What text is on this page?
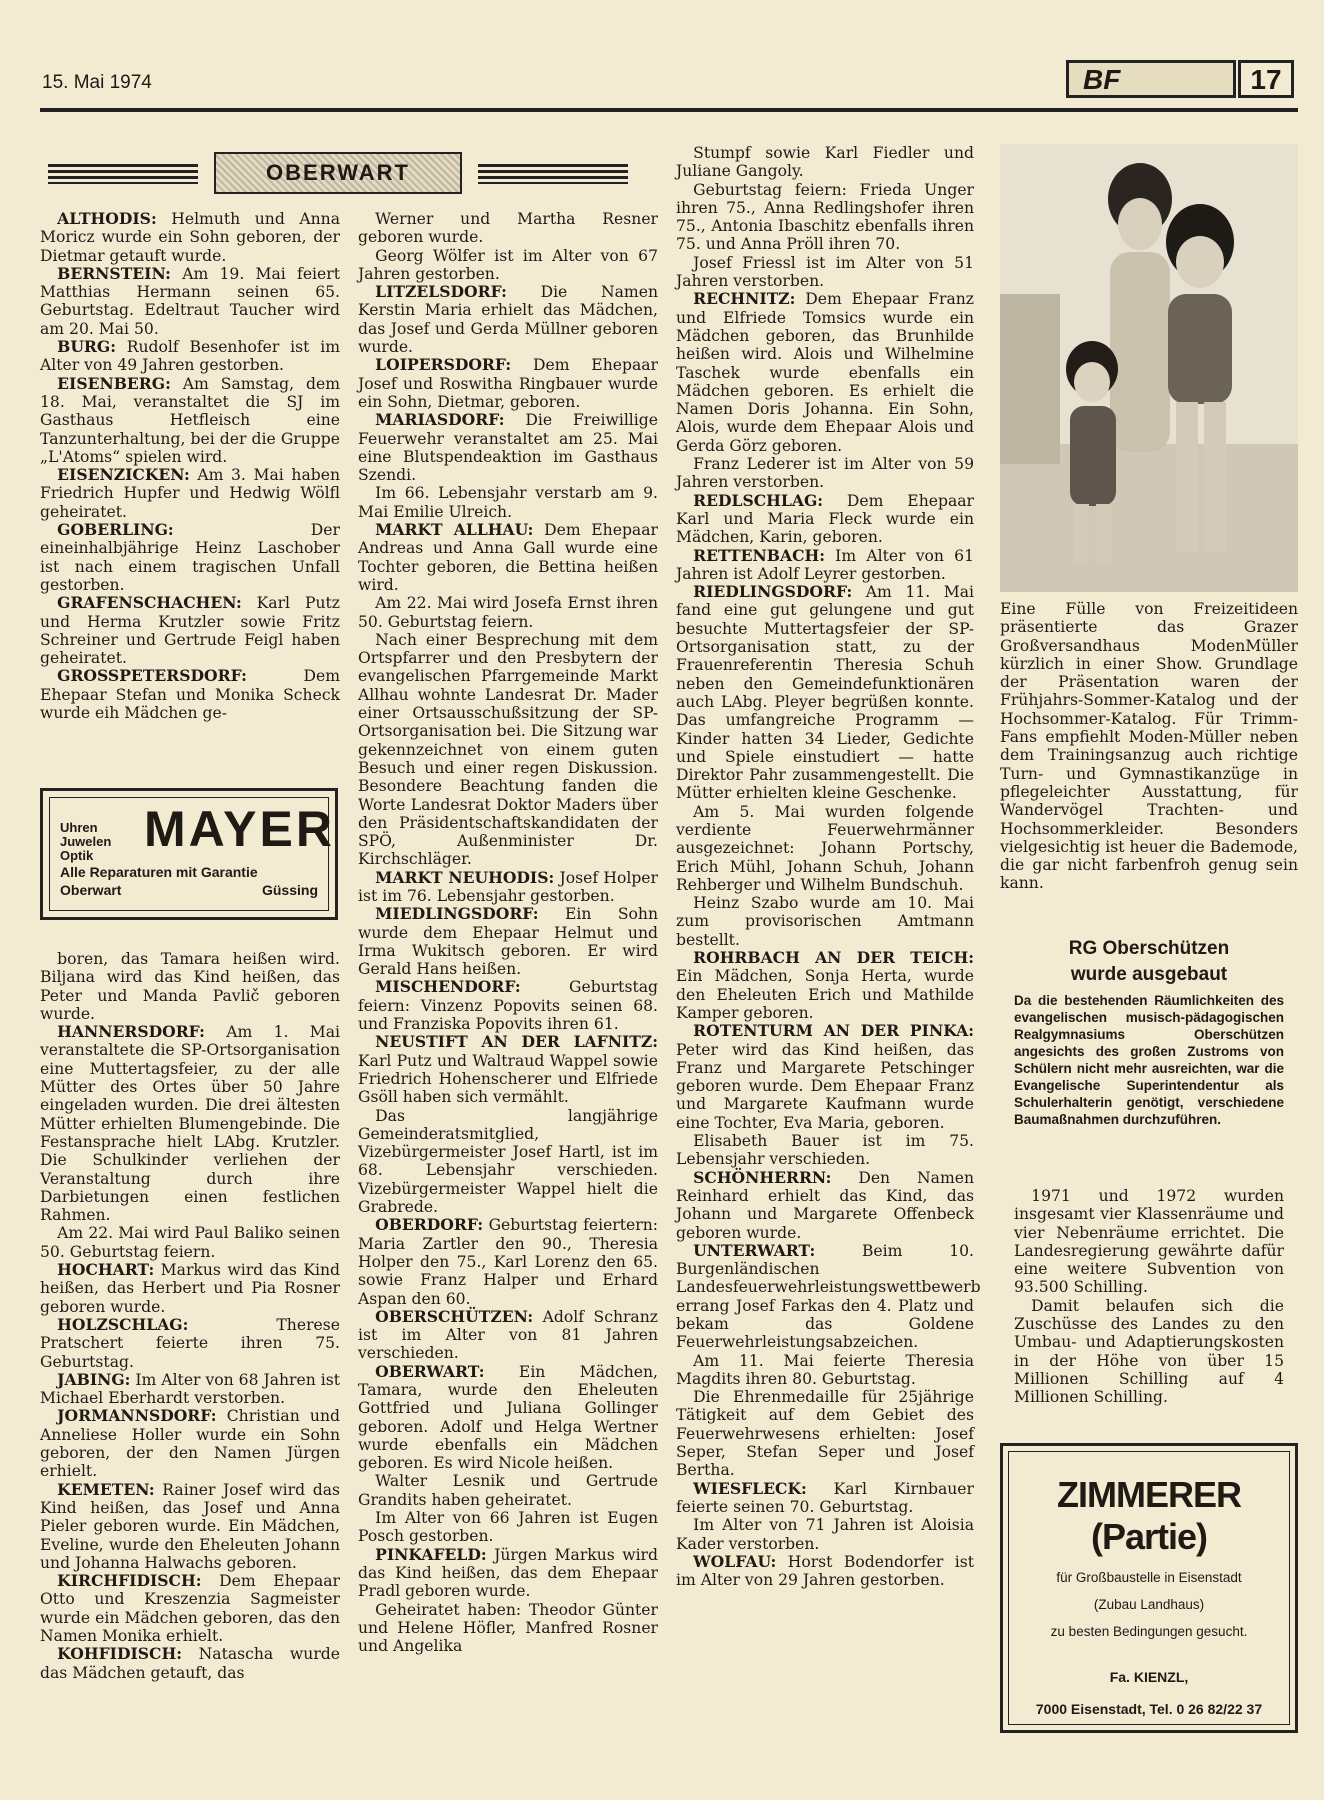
15. Mai 1974	BF	17
OBERWART

ALTHODIS: Helmuth und Anna Moricz wurde ein Sohn geboren, der Dietmar getauft wurde.

BERNSTEIN: Am 19. Mai feiert Matthias Hermann seinen 65. Geburtstag. Edeltraut Taucher wird am 20. Mai 50.

BURG: Rudolf Besenhofer ist im Alter von 49 Jahren gestorben.

EISENBERG: Am Samstag, dem 18. Mai, veranstaltet die SJ im Gasthaus Hetfleisch eine Tanzunterhaltung, bei der die Gruppe „L'Atoms“ spielen wird.

EISENZICKEN: Am 3. Mai haben Friedrich Hupfer und Hedwig Wölfl geheiratet.

GOBERLING: Der eineinhalbjährige Heinz Laschober ist nach einem tragischen Unfall gestorben.

GRAFENSCHACHEN: Karl Putz und Herma Krutzler sowie Fritz Schreiner und Gertrude Feigl haben geheiratet.

GROSSPETERSDORF: Dem Ehepaar Stefan und Monika Scheck wurde eih Mädchen ge-

Uhren
Juwelen
Optik MAYER
Alle Reparaturen mit Garantie
Oberwart	Güssing

boren, das Tamara heißen wird. Biljana wird das Kind heißen, das Peter und Manda Pavlič geboren wurde.

HANNERSDORF: Am 1. Mai veranstaltete die SP-Ortsorganisation eine Muttertagsfeier, zu der alle Mütter des Ortes über 50 Jahre eingeladen wurden. Die drei ältesten Mütter erhielten Blumengebinde. Die Festansprache hielt LAbg. Krutzler. Die Schulkinder verliehen der Veranstaltung durch ihre Darbietungen einen festlichen Rahmen.

Am 22. Mai wird Paul Baliko seinen 50. Geburtstag feiern.

HOCHART: Markus wird das Kind heißen, das Herbert und Pia Rosner geboren wurde.

HOLZSCHLAG: Therese Pratschert feierte ihren 75. Geburtstag.

JABING: Im Alter von 68 Jahren ist Michael Eberhardt verstorben.

JORMANNSDORF: Christian und Anneliese Holler wurde ein Sohn geboren, der den Namen Jürgen erhielt.

KEMETEN: Rainer Josef wird das Kind heißen, das Josef und Anna Pieler geboren wurde. Ein Mädchen, Eveline, wurde den Eheleuten Johann und Johanna Halwachs geboren.

KIRCHFIDISCH: Dem Ehepaar Otto und Kreszenzia Sagmeister wurde ein Mädchen geboren, das den Namen Monika erhielt.

KOHFIDISCH: Natascha wurde das Mädchen getauft, das

Werner und Martha Resner geboren wurde.

Georg Wölfer ist im Alter von 67 Jahren gestorben.

LITZELSDORF: Die Namen Kerstin Maria erhielt das Mädchen, das Josef und Gerda Müllner geboren wurde.

LOIPERSDORF: Dem Ehepaar Josef und Roswitha Ringbauer wurde ein Sohn, Dietmar, geboren.

MARIASDORF: Die Freiwillige Feuerwehr veranstaltet am 25. Mai eine Blutspendeaktion im Gasthaus Szendi.

Im 66. Lebensjahr verstarb am 9. Mai Emilie Ulreich.

MARKT ALLHAU: Dem Ehepaar Andreas und Anna Gall wurde eine Tochter geboren, die Bettina heißen wird.

Am 22. Mai wird Josefa Ernst ihren 50. Geburtstag feiern.

Nach einer Besprechung mit dem Ortspfarrer und den Presbytern der evangelischen Pfarrgemeinde Markt Allhau wohnte Landesrat Dr. Mader einer Ortsausschußsitzung der SP-Ortsorganisation bei. Die Sitzung war gekennzeichnet von einem guten Besuch und einer regen Diskussion. Besondere Beachtung fanden die Worte Landesrat Doktor Maders über den Präsidentschaftskandidaten der SPÖ, Außenminister Dr. Kirchschläger.

MARKT NEUHODIS: Josef Holper ist im 76. Lebensjahr gestorben.

MIEDLINGSDORF: Ein Sohn wurde dem Ehepaar Helmut und Irma Wukitsch geboren. Er wird Gerald Hans heißen.

MISCHENDORF: Geburtstag feiern: Vinzenz Popovits seinen 68. und Franziska Popovits ihren 61.

NEUSTIFT AN DER LAFNITZ: Karl Putz und Waltraud Wappel sowie Friedrich Hohenscherer und Elfriede Gsöll haben sich vermählt.

Das langjährige Gemeinderatsmitglied, Vizebürgermeister Josef Hartl, ist im 68. Lebensjahr verschieden. Vizebürgermeister Wappel hielt die Grabrede.

OBERDORF: Geburtstag feiertern: Maria Zartler den 90., Theresia Holper den 75., Karl Lorenz den 65. sowie Franz Halper und Erhard Aspan den 60.

OBERSCHÜTZEN: Adolf Schranz ist im Alter von 81 Jahren verschieden.

OBERWART: Ein Mädchen, Tamara, wurde den Eheleuten Gottfried und Juliana Gollinger geboren. Adolf und Helga Wertner wurde ebenfalls ein Mädchen geboren. Es wird Nicole heißen.

Walter Lesnik und Gertrude Grandits haben geheiratet.

Im Alter von 66 Jahren ist Eugen Posch gestorben.

PINKAFELD: Jürgen Markus wird das Kind heißen, das dem Ehepaar Pradl geboren wurde.

Geheiratet haben: Theodor Günter und Helene Höfler, Manfred Rosner und Angelika

Stumpf sowie Karl Fiedler und Juliane Gangoly.

Geburtstag feiern: Frieda Unger ihren 75., Anna Redlingshofer ihren 75., Antonia Ibaschitz ebenfalls ihren 75. und Anna Pröll ihren 70.

Josef Friessl ist im Alter von 51 Jahren verstorben.

RECHNITZ: Dem Ehepaar Franz und Elfriede Tomsics wurde ein Mädchen geboren, das Brunhilde heißen wird. Alois und Wilhelmine Taschek wurde ebenfalls ein Mädchen geboren. Es erhielt die Namen Doris Johanna. Ein Sohn, Alois, wurde dem Ehepaar Alois und Gerda Görz geboren.

Franz Lederer ist im Alter von 59 Jahren verstorben.

REDLSCHLAG: Dem Ehepaar Karl und Maria Fleck wurde ein Mädchen, Karin, geboren.

RETTENBACH: Im Alter von 61 Jahren ist Adolf Leyrer gestorben.

RIEDLINGSDORF: Am 11. Mai fand eine gut gelungene und gut besuchte Muttertagsfeier der SP-Ortsorganisation statt, zu der Frauenreferentin Theresia Schuh neben den Gemeindefunktionären auch LAbg. Pleyer begrüßen konnte. Das umfangreiche Programm — Kinder hatten 34 Lieder, Gedichte und Spiele einstudiert — hatte Direktor Pahr zusammengestellt. Die Mütter erhielten kleine Geschenke.

Am 5. Mai wurden folgende verdiente Feuerwehrmänner ausgezeichnet: Johann Portschy, Erich Mühl, Johann Schuh, Johann Rehberger und Wilhelm Bundschuh.

Heinz Szabo wurde am 10. Mai zum provisorischen Amtmann bestellt.

ROHRBACH AN DER TEICH: Ein Mädchen, Sonja Herta, wurde den Eheleuten Erich und Mathilde Kamper geboren.

ROTENTURM AN DER PINKA: Peter wird das Kind heißen, das Franz und Margarete Petschinger geboren wurde. Dem Ehepaar Franz und Margarete Kaufmann wurde eine Tochter, Eva Maria, geboren.

Elisabeth Bauer ist im 75. Lebensjahr verschieden.

SCHÖNHERRN: Den Namen Reinhard erhielt das Kind, das Johann und Margarete Offenbeck geboren wurde.

UNTERWART: Beim 10. Burgenländischen Landesfeuerwehrleistungswettbewerb errang Josef Farkas den 4. Platz und bekam das Goldene Feuerwehrleistungsabzeichen.

Am 11. Mai feierte Theresia Magdits ihren 80. Geburtstag.

Die Ehrenmedaille für 25jährige Tätigkeit auf dem Gebiet des Feuerwehrwesens erhielten: Josef Seper, Stefan Seper und Josef Bertha.

WIESFLECK: Karl Kirnbauer feierte seinen 70. Geburtstag.

Im Alter von 71 Jahren ist Aloisia Kader verstorben.

WOLFAU: Horst Bodendorfer ist im Alter von 29 Jahren gestorben.

Eine Fülle von Freizeitideen präsentierte das Grazer Großversandhaus ModenMüller kürzlich in einer Show. Grundlage der Präsentation waren der Frühjahrs-Sommer-Katalog und der Hochsommer-Katalog. Für Trimm-Fans empfiehlt Moden-Müller neben dem Trainingsanzug auch richtige Turn- und Gymnastikanzüge in pflegeleichter Ausstattung, für Wandervögel Trachten- und Hochsommerkleider. Besonders vielgesichtig ist heuer die Bademode, die gar nicht farbenfroh genug sein kann.
RG Oberschützen
wurde ausgebaut
Da die bestehenden Räumlichkeiten des evangelischen musisch-pädagogischen Realgymnasiums Oberschützen angesichts des großen Zustroms von Schülern nicht mehr ausreichten, war die Evangelische Superintendentur als Schulerhalterin genötigt, verschiedene Baumaßnahmen durchzuführen.

1971 und 1972 wurden insgesamt vier Klassenräume und vier Nebenräume errichtet. Die Landesregierung gewährte dafür eine weitere Subvention von 93.500 Schilling.

Damit belaufen sich die Zuschüsse des Landes zu den Umbau- und Adaptierungskosten in der Höhe von über 15 Millionen Schilling auf 4 Millionen Schilling.

ZIMMERER (Partie)
für Großbaustelle in Eisenstadt
(Zubau Landhaus)
zu besten Bedingungen gesucht.
Fa. KIENZL,
7000 Eisenstadt, Tel. 0 26 82/22 37
